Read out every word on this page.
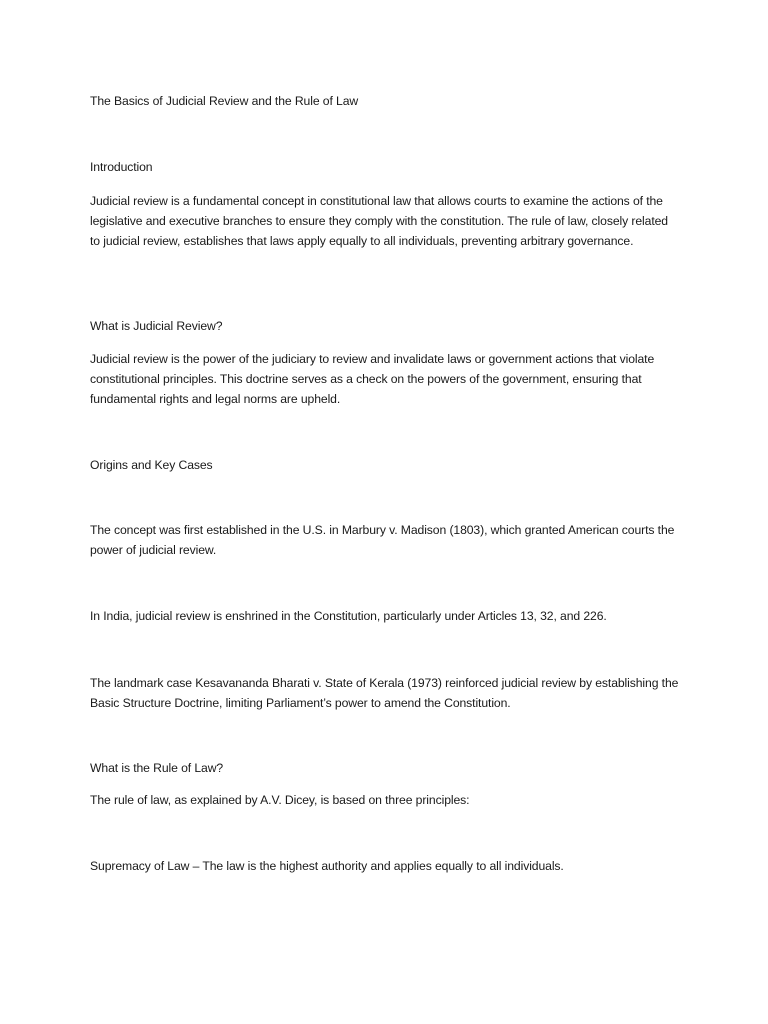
The Basics of Judicial Review and the Rule of Law

Introduction

Judicial review is a fundamental concept in constitutional law that allows courts to examine the actions of the legislative and executive branches to ensure they comply with the constitution. The rule of law, closely related to judicial review, establishes that laws apply equally to all individuals, preventing arbitrary governance.

What is Judicial Review?

Judicial review is the power of the judiciary to review and invalidate laws or government actions that violate constitutional principles. This doctrine serves as a check on the powers of the government, ensuring that fundamental rights and legal norms are upheld.

Origins and Key Cases

The concept was first established in the U.S. in Marbury v. Madison (1803), which granted American courts the power of judicial review.

In India, judicial review is enshrined in the Constitution, particularly under Articles 13, 32, and 226.

The landmark case Kesavananda Bharati v. State of Kerala (1973) reinforced judicial review by establishing the Basic Structure Doctrine, limiting Parliament’s power to amend the Constitution.

What is the Rule of Law?

The rule of law, as explained by A.V. Dicey, is based on three principles:

Supremacy of Law – The law is the highest authority and applies equally to all individuals.
